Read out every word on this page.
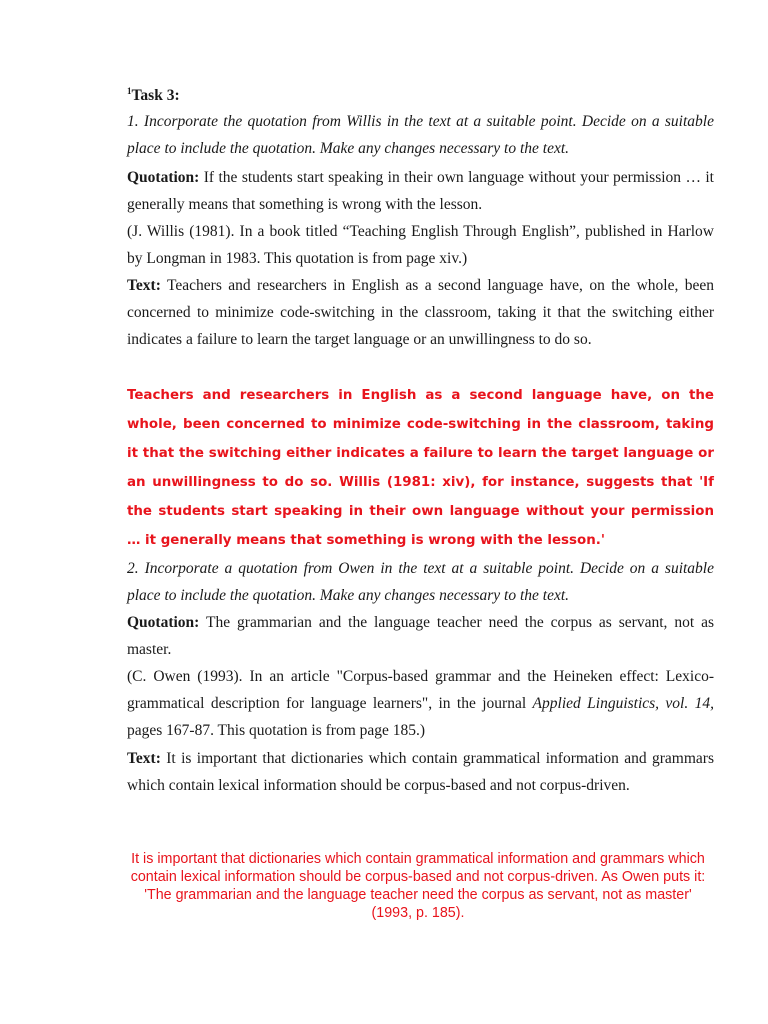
$^1$Task 3:
1. Incorporate the quotation from Willis in the text at a suitable point. Decide on a suitable place to include the quotation. Make any changes necessary to the text.
Quotation: If the students start speaking in their own language without your permission … it generally means that something is wrong with the lesson.
(J. Willis (1981). In a book titled “Teaching English Through English”, published in Harlow by Longman in 1983. This quotation is from page xiv.)
Text: Teachers and researchers in English as a second language have, on the whole, been concerned to minimize code-switching in the classroom, taking it that the switching either indicates a failure to learn the target language or an unwillingness to do so.
Teachers and researchers in English as a second language have, on the whole, been concerned to minimize code-switching in the classroom, taking it that the switching either indicates a failure to learn the target language or an unwillingness to do so. Willis (1981: xiv), for instance, suggests that 'If the students start speaking in their own language without your permission … it generally means that something is wrong with the lesson.'
2. Incorporate a quotation from Owen in the text at a suitable point. Decide on a suitable place to include the quotation. Make any changes necessary to the text.
Quotation: The grammarian and the language teacher need the corpus as servant, not as master.
(C. Owen (1993). In an article "Corpus-based grammar and the Heineken effect: Lexico-grammatical description for language learners", in the journal Applied Linguistics, vol. 14, pages 167-87. This quotation is from page 185.)
Text: It is important that dictionaries which contain grammatical information and grammars which contain lexical information should be corpus-based and not corpus-driven.
It is important that dictionaries which contain grammatical information and grammars which contain lexical information should be corpus-based and not corpus-driven. As Owen puts it: 'The grammarian and the language teacher need the corpus as servant, not as master' (1993, p. 185).
